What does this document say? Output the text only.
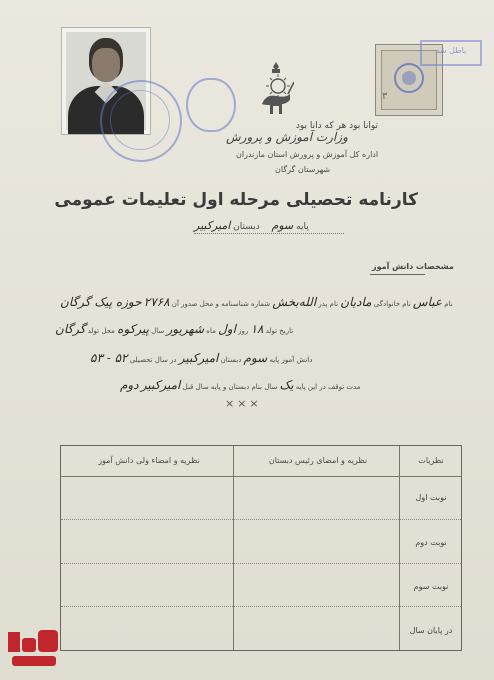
۳
باطل شد
توانا بود هر که دانا بود
وزارت آموزش و پرورش
اداره کل آموزش و پرورش استان مازندران
شهرستان گرگان
کارنامه تحصیلی مرحله اول تعلیمات عمومی
پایه سوم  دبستان امیرکبیر
مشخصات دانش آموز
نام عباس نام خانوادگی مادیان نام پدر الله‌بخش شماره شناسنامه و محل صدور آن ۲۷۶۸ حوزه پیک گرگان
تاریخ تولد ۱۸ روز اول ماه شهریور سال پیرکوه محل تولد گرگان
دانش آموز پایه سوم دبستان امیرکبیر در سال تحصیلی ۵۲ - ۵۳
مدت توقف در این پایه یک سال بنام دبستان و پایه سال قبل امیرکبیر دوم
×××
نظریات
نظریه و امضای رئیس دبستان
نظریه و امضاء ولی دانش آموز
نوبت اول
نوبت دوم
نوبت سوم
در پایان سال
